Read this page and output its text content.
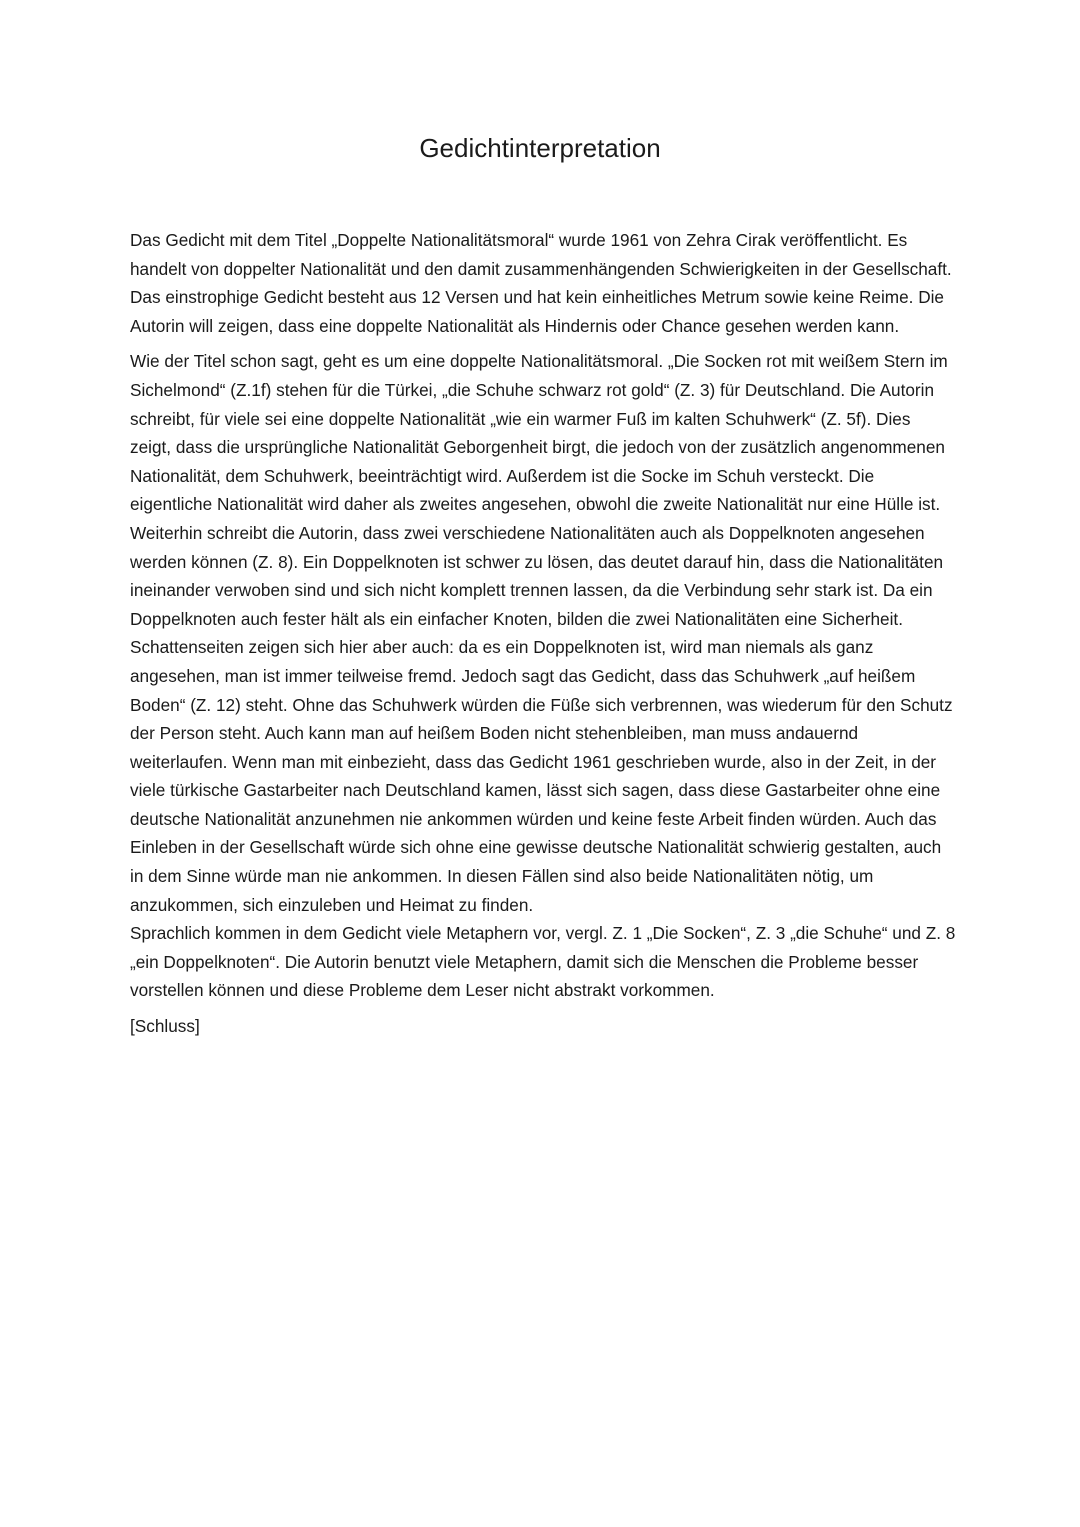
Gedichtinterpretation

Das Gedicht mit dem Titel „Doppelte Nationalitätsmoral“ wurde 1961 von Zehra Cirak veröffentlicht. Es handelt von doppelter Nationalität und den damit zusammenhängenden Schwierigkeiten in der Gesellschaft. Das einstrophige Gedicht besteht aus 12 Versen und hat kein einheitliches Metrum sowie keine Reime. Die Autorin will zeigen, dass eine doppelte Nationalität als Hindernis oder Chance gesehen werden kann.

Wie der Titel schon sagt, geht es um eine doppelte Nationalitätsmoral. „Die Socken rot mit weißem Stern im Sichelmond“ (Z.1f) stehen für die Türkei, „die Schuhe schwarz rot gold“ (Z. 3) für Deutschland. Die Autorin schreibt, für viele sei eine doppelte Nationalität „wie ein warmer Fuß im kalten Schuhwerk“ (Z. 5f). Dies zeigt, dass die ursprüngliche Nationalität Geborgenheit birgt, die jedoch von der zusätzlich angenommenen Nationalität, dem Schuhwerk, beeinträchtigt wird. Außerdem ist die Socke im Schuh versteckt. Die eigentliche Nationalität wird daher als zweites angesehen, obwohl die zweite Nationalität nur eine Hülle ist. Weiterhin schreibt die Autorin, dass zwei verschiedene Nationalitäten auch als Doppelknoten angesehen werden können (Z. 8). Ein Doppelknoten ist schwer zu lösen, das deutet darauf hin, dass die Nationalitäten ineinander verwoben sind und sich nicht komplett trennen lassen, da die Verbindung sehr stark ist. Da ein Doppelknoten auch fester hält als ein einfacher Knoten, bilden die zwei Nationalitäten eine Sicherheit. Schattenseiten zeigen sich hier aber auch: da es ein Doppelknoten ist, wird man niemals als ganz angesehen, man ist immer teilweise fremd. Jedoch sagt das Gedicht, dass das Schuhwerk „auf heißem Boden“ (Z. 12) steht. Ohne das Schuhwerk würden die Füße sich verbrennen, was wiederum für den Schutz der Person steht. Auch kann man auf heißem Boden nicht stehenbleiben, man muss andauernd weiterlaufen. Wenn man mit einbezieht, dass das Gedicht 1961 geschrieben wurde, also in der Zeit, in der viele türkische Gastarbeiter nach Deutschland kamen, lässt sich sagen, dass diese Gastarbeiter ohne eine deutsche Nationalität anzunehmen nie ankommen würden und keine feste Arbeit finden würden. Auch das Einleben in der Gesellschaft würde sich ohne eine gewisse deutsche Nationalität schwierig gestalten, auch in dem Sinne würde man nie ankommen. In diesen Fällen sind also beide Nationalitäten nötig, um anzukommen, sich einzuleben und Heimat zu finden.

Sprachlich kommen in dem Gedicht viele Metaphern vor, vergl. Z. 1 „Die Socken“, Z. 3 „die Schuhe“ und Z. 8 „ein Doppelknoten“. Die Autorin benutzt viele Metaphern, damit sich die Menschen die Probleme besser vorstellen können und diese Probleme dem Leser nicht abstrakt vorkommen.

[Schluss]
